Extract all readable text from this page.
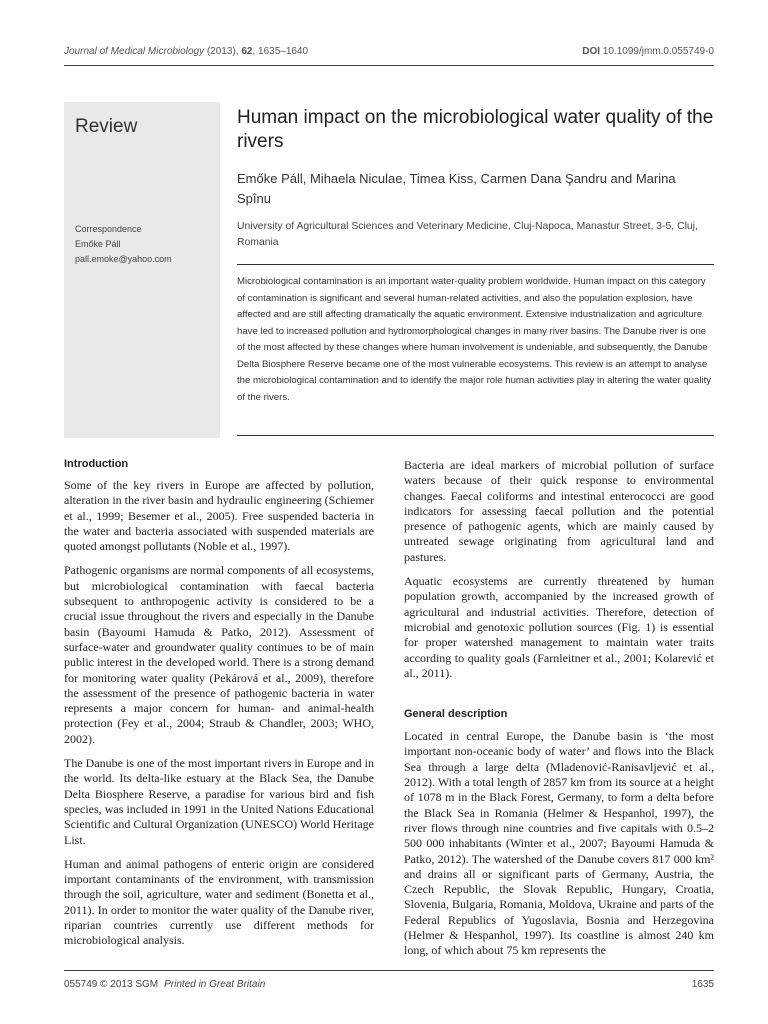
Journal of Medical Microbiology (2013), 62, 1635–1640	DOI 10.1099/jmm.0.055749-0
Review
Correspondence
Emőke Páll
pall.emoke@yahoo.com
Human impact on the microbiological water quality of the rivers
Emőke Páll, Mihaela Niculae, Timea Kiss, Carmen Dana Şandru and Marina Spînu
University of Agricultural Sciences and Veterinary Medicine, Cluj-Napoca, Manastur Street, 3-5, Cluj, Romania
Microbiological contamination is an important water-quality problem worldwide. Human impact on this category of contamination is significant and several human-related activities, and also the population explosion, have affected and are still affecting dramatically the aquatic environment. Extensive industrialization and agriculture have led to increased pollution and hydromorphological changes in many river basins. The Danube river is one of the most affected by these changes where human involvement is undeniable, and subsequently, the Danube Delta Biosphere Reserve became one of the most vulnerable ecosystems. This review is an attempt to analyse the microbiological contamination and to identify the major role human activities play in altering the water quality of the rivers.
Introduction

Some of the key rivers in Europe are affected by pollution, alteration in the river basin and hydraulic engineering (Schiemer et al., 1999; Besemer et al., 2005). Free suspended bacteria in the water and bacteria associated with suspended materials are quoted amongst pollutants (Noble et al., 1997).

Pathogenic organisms are normal components of all ecosystems, but microbiological contamination with faecal bacteria subsequent to anthropogenic activity is considered to be a crucial issue throughout the rivers and especially in the Danube basin (Bayoumi Hamuda & Patko, 2012). Assessment of surface-water and groundwater quality continues to be of main public interest in the developed world. There is a strong demand for monitoring water quality (Pekárová et al., 2009), therefore the assessment of the presence of pathogenic bacteria in water represents a major concern for human- and animal-health protection (Fey et al., 2004; Straub & Chandler, 2003; WHO, 2002).

The Danube is one of the most important rivers in Europe and in the world. Its delta-like estuary at the Black Sea, the Danube Delta Biosphere Reserve, a paradise for various bird and fish species, was included in 1991 in the United Nations Educational Scientific and Cultural Organization (UNESCO) World Heritage List.

Human and animal pathogens of enteric origin are considered important contaminants of the environment, with transmission through the soil, agriculture, water and sediment (Bonetta et al., 2011). In order to monitor the water quality of the Danube river, riparian countries currently use different methods for microbiological analysis.

Bacteria are ideal markers of microbial pollution of surface waters because of their quick response to environmental changes. Faecal coliforms and intestinal enterococci are good indicators for assessing faecal pollution and the potential presence of pathogenic agents, which are mainly caused by untreated sewage originating from agricultural land and pastures.

Aquatic ecosystems are currently threatened by human population growth, accompanied by the increased growth of agricultural and industrial activities. Therefore, detection of microbial and genotoxic pollution sources (Fig. 1) is essential for proper watershed management to maintain water traits according to quality goals (Farnleitner et al., 2001; Kolarević et al., 2011).

General description

Located in central Europe, the Danube basin is ‘the most important non-oceanic body of water’ and flows into the Black Sea through a large delta (Mladenović-Ranisavljević et al., 2012). With a total length of 2857 km from its source at a height of 1078 m in the Black Forest, Germany, to form a delta before the Black Sea in Romania (Helmer & Hespanhol, 1997), the river flows through nine countries and five capitals with 0.5–2 500 000 inhabitants (Winter et al., 2007; Bayoumi Hamuda & Patko, 2012). The watershed of the Danube covers 817 000 km² and drains all or significant parts of Germany, Austria, the Czech Republic, the Slovak Republic, Hungary, Croatia, Slovenia, Bulgaria, Romania, Moldova, Ukraine and parts of the Federal Republics of Yugoslavia, Bosnia and Herzegovina (Helmer & Hespanhol, 1997). Its coastline is almost 240 km long, of which about 75 km represents the

055749 © 2013 SGM Printed in Great Britain	1635
